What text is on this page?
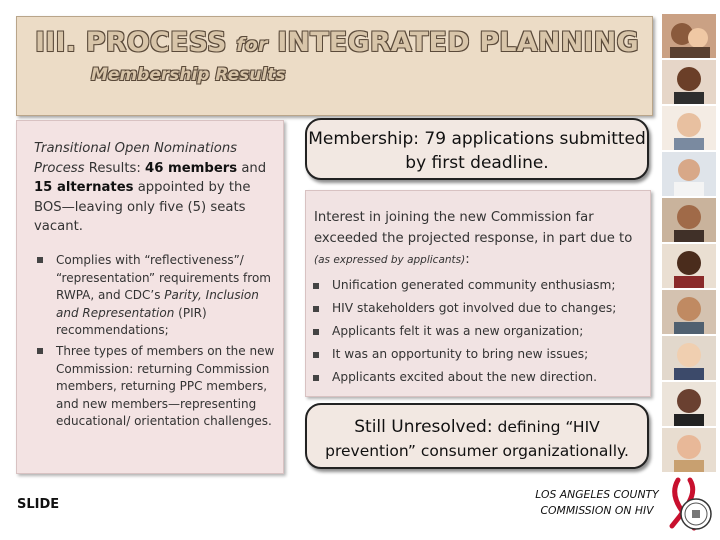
III. PROCESS for INTEGRATED PLANNING
Membership Results
Transitional Open Nominations Process Results: 46 members and 15 alternates appointed by the BOS—leaving only five (5) seats vacant.
Complies with “reflectiveness”/ “representation” requirements from RWPA, and CDC’s Parity, Inclusion and Representation (PIR) recommendations;
Three types of members on the new Commission: returning Commission members, returning PPC members, and new members—representing educational/ orientation challenges.
Membership: 79 applications submitted by first deadline.
Interest in joining the new Commission far exceeded the projected response, in part due to (as expressed by applicants):
Unification generated community enthusiasm;
HIV stakeholders got involved due to changes;
Applicants felt it was a new organization;
It was an opportunity to bring new issues;
Applicants excited about the new direction.
Still Unresolved: defining “HIV prevention” consumer organizationally.
SLIDE
LOS ANGELES COUNTY
COMMISSION ON HIV
